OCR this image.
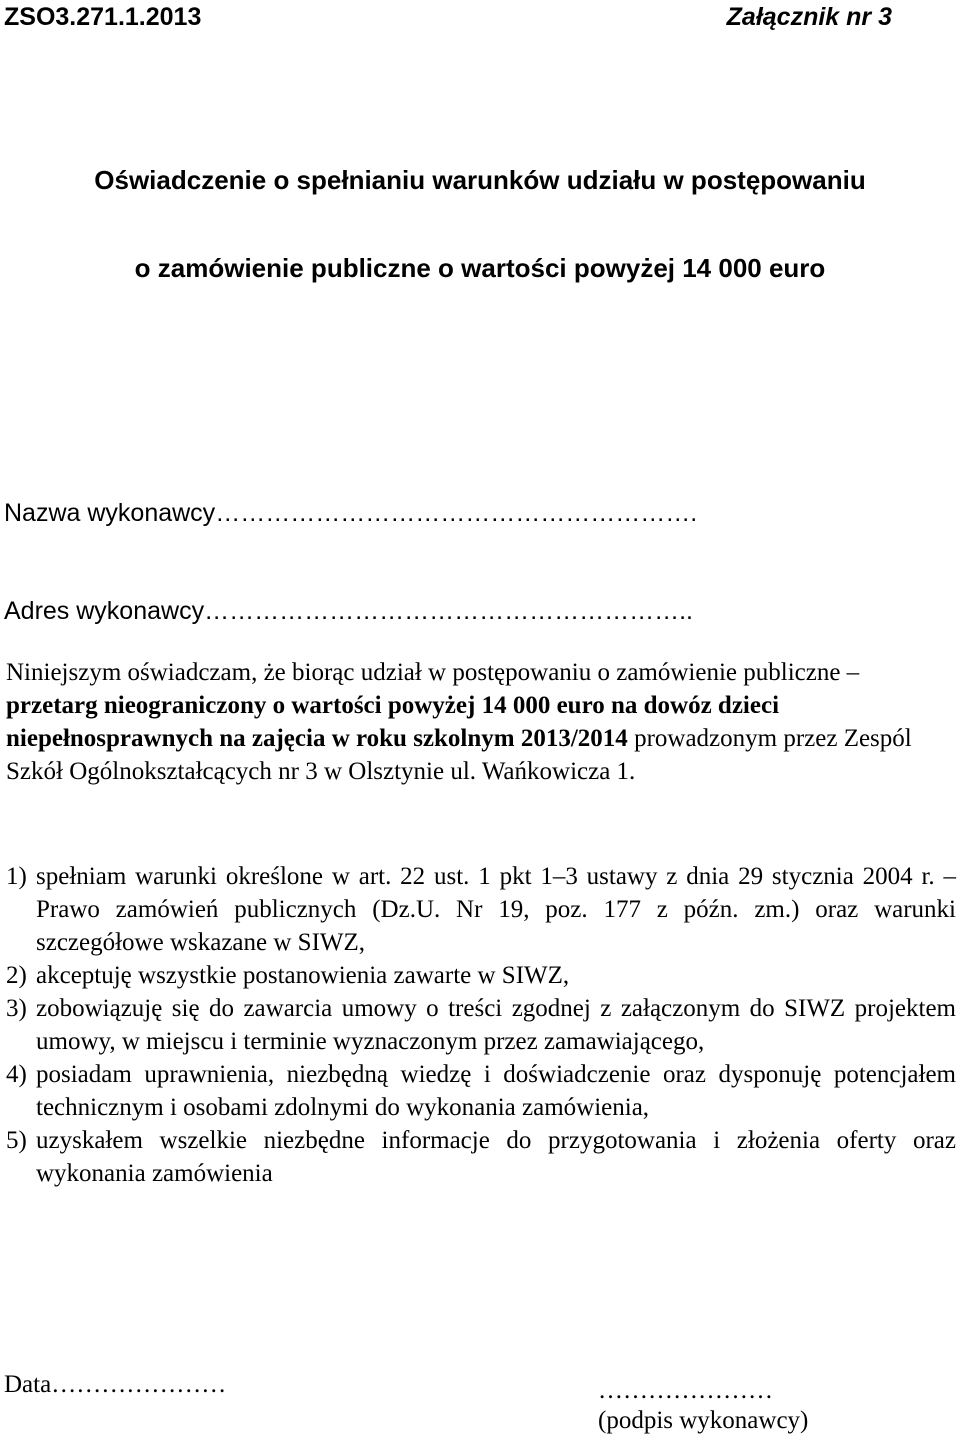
ZSO3.271.1.2013	Załącznik nr 3
Oświadczenie o spełnianiu warunków udziału w postępowaniu
o zamówienie publiczne o wartości powyżej 14 000 euro
Nazwa wykonawcy………………………………………………….
Adres wykonawcy…………………………………………………..

Niniejszym oświadczam, że biorąc udział w postępowaniu o zamówienie publiczne – przetarg nieograniczony o wartości powyżej 14 000 euro na dowóz dzieci niepełnosprawnych na zajęcia w roku szkolnym 2013/2014 prowadzonym przez Zespól Szkół Ogólnokształcących nr 3 w Olsztynie ul. Wańkowicza 1.

1) spełniam warunki określone w art. 22 ust. 1 pkt 1–3 ustawy z dnia 29 stycznia 2004 r. – Prawo zamówień publicznych (Dz.U. Nr 19, poz. 177 z późn. zm.) oraz warunki szczegółowe wskazane w SIWZ,
2) akceptuję wszystkie postanowienia zawarte w SIWZ,
3) zobowiązuję się do zawarcia umowy o treści zgodnej z załączonym do SIWZ projektem umowy, w miejscu i terminie wyznaczonym przez zamawiającego,
4) posiadam uprawnienia, niezbędną wiedzę i doświadczenie oraz dysponuję potencjałem technicznym i osobami zdolnymi do wykonania zamówienia,
5) uzyskałem wszelkie niezbędne informacje do przygotowania i złożenia oferty oraz wykonania zamówienia
Data…………………	…………………
(podpis wykonawcy)
